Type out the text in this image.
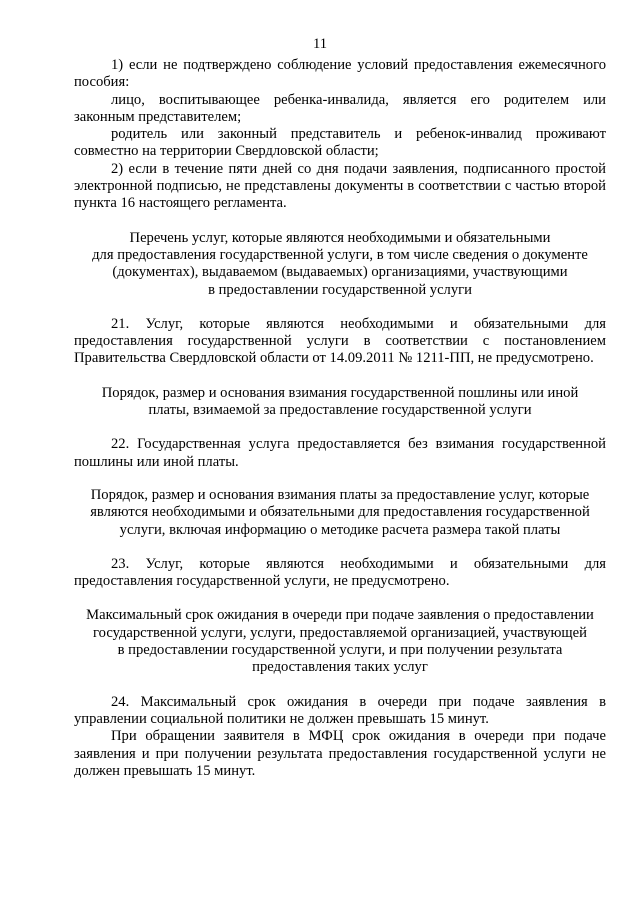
11

1) если не подтверждено соблюдение условий предоставления ежемесячного пособия:

лицо, воспитывающее ребенка-инвалида, является его родителем или законным представителем;

родитель или законный представитель и ребенок-инвалид проживают совместно на территории Свердловской области;

2) если в течение пяти дней со дня подачи заявления, подписанного простой электронной подписью, не представлены документы в соответствии с частью второй пункта 16 настоящего регламента.

Перечень услуг, которые являются необходимыми и обязательными
для предоставления государственной услуги, в том числе сведения о документе
(документах), выдаваемом (выдаваемых) организациями, участвующими
в предоставлении государственной услуги

21. Услуг, которые являются необходимыми и обязательными для предоставления государственной услуги в соответствии с постановлением Правительства Свердловской области от 14.09.2011 № 1211-ПП, не предусмотрено.

Порядок, размер и основания взимания государственной пошлины или иной
платы, взимаемой за предоставление государственной услуги

22. Государственная услуга предоставляется без взимания государственной пошлины или иной платы.

Порядок, размер и основания взимания платы за предоставление услуг, которые
являются необходимыми и обязательными для предоставления государственной
услуги, включая информацию о методике расчета размера такой платы

23. Услуг, которые являются необходимыми и обязательными для предоставления государственной услуги, не предусмотрено.

Максимальный срок ожидания в очереди при подаче заявления о предоставлении
государственной услуги, услуги, предоставляемой организацией, участвующей
в предоставлении государственной услуги, и при получении результата
предоставления таких услуг

24. Максимальный срок ожидания в очереди при подаче заявления в управлении социальной политики не должен превышать 15 минут.

При обращении заявителя в МФЦ срок ожидания в очереди при подаче заявления и при получении результата предоставления государственной услуги не должен превышать 15 минут.
